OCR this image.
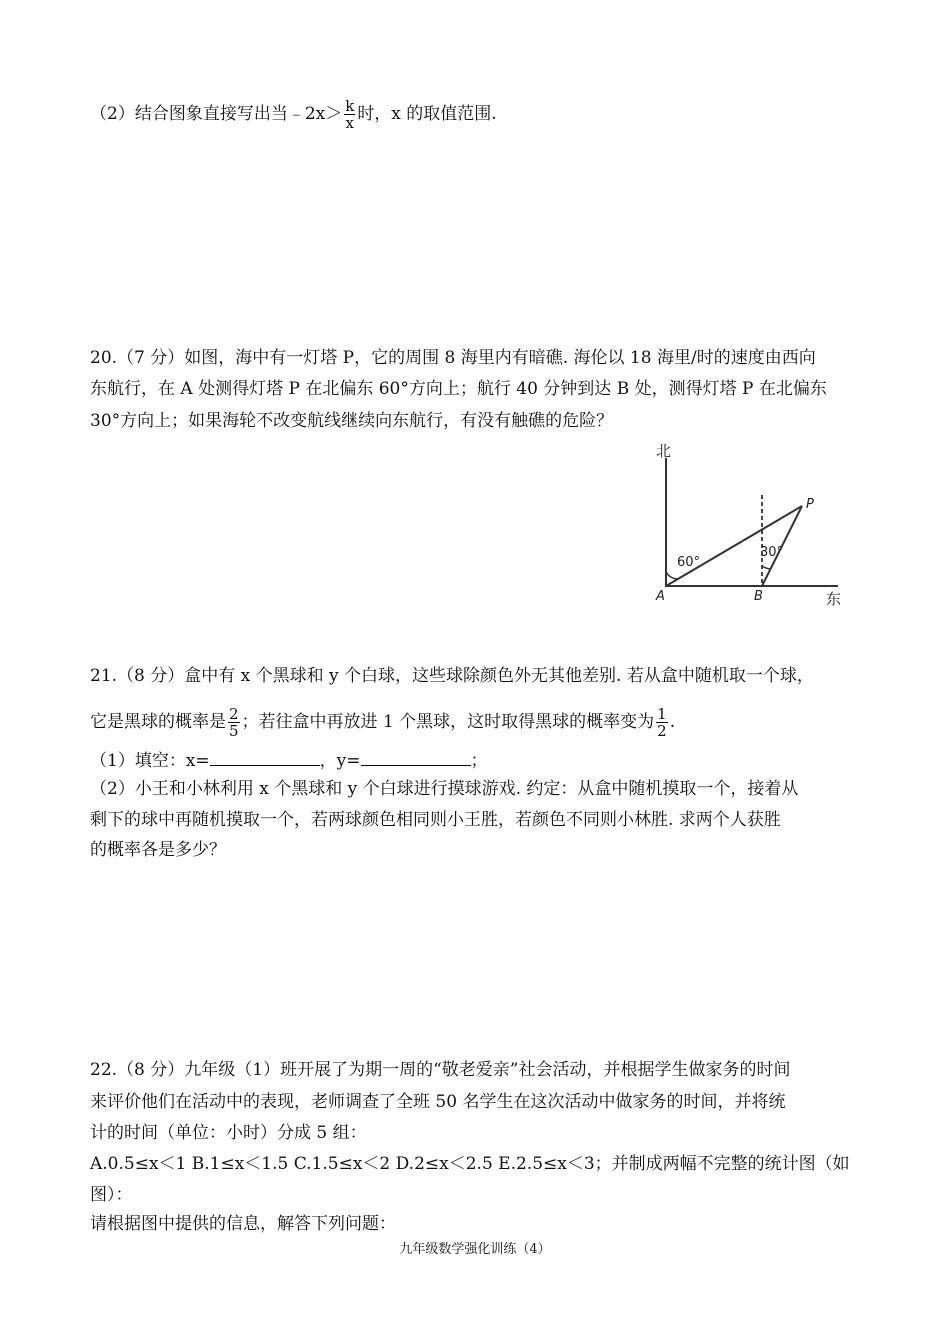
（2）结合图象直接写出当﹣2x＞ $\frac{k}{x}$ 时，x 的取值范围.
20.（7 分）如图，海中有一灯塔 P，它的周围 8 海里内有暗礁. 海伦以 18 海里/时的速度由西向
东航行，在 A 处测得灯塔 P 在北偏东 60°方向上；航行 40 分钟到达 B 处，测得灯塔 P 在北偏东
30°方向上；如果海轮不改变航线继续向东航行，有没有触礁的危险？
北
东
A	B
P
60°
30°
21.（8 分）盒中有 x 个黑球和 y 个白球，这些球除颜色外无其他差别. 若从盒中随机取一个球，
它是黑球的概率是 $\frac{2}{5}$ ；若往盒中再放进 1 个黑球，这时取得黑球的概率变为 $\frac{1}{2}$ .
（1）填空：x=	，y=	；
（2）小王和小林利用 x 个黑球和 y 个白球进行摸球游戏. 约定：从盒中随机摸取一个，接着从
剩下的球中再随机摸取一个，若两球颜色相同则小王胜，若颜色不同则小林胜. 求两个人获胜
的概率各是多少？
22.（8 分）九年级（1）班开展了为期一周的“敬老爱亲”社会活动，并根据学生做家务的时间
来评价他们在活动中的表现，老师调查了全班 50 名学生在这次活动中做家务的时间，并将统
计的时间（单位：小时）分成 5 组：
A.0.5≤x＜1 B.1≤x＜1.5 C.1.5≤x＜2 D.2≤x＜2.5 E.2.5≤x＜3；并制成两幅不完整的统计图（如
图）：
请根据图中提供的信息，解答下列问题：
九年级数学强化训练（4）
